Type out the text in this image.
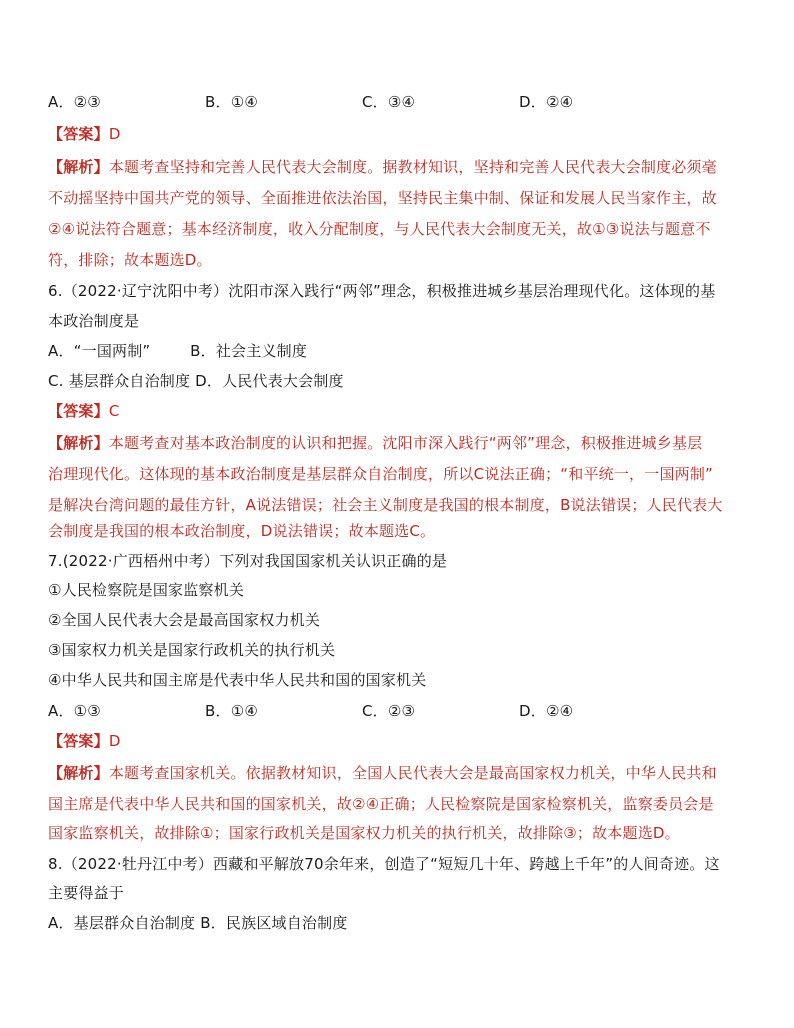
A．②③	B．①④	C．③④	D．②④
【答案】D
【解析】本题考查坚持和完善人民代表大会制度。据教材知识，坚持和完善人民代表大会制度必须毫
不动摇坚持中国共产党的领导、全面推进依法治国，坚持民主集中制、保证和发展人民当家作主，故
②④说法符合题意；基本经济制度，收入分配制度，与人民代表大会制度无关，故①③说法与题意不
符，排除；故本题选D。
6.（2022·辽宁沈阳中考）沈阳市深入践行“两邻”理念，积极推进城乡基层治理现代化。这体现的基
本政治制度是
A．“一国两制”        B．社会主义制度
C. 基层群众自治制度 D．人民代表大会制度
【答案】C
【解析】本题考查对基本政治制度的认识和把握。沈阳市深入践行“两邻”理念，积极推进城乡基层
治理现代化。这体现的基本政治制度是基层群众自治制度，所以C说法正确；“和平统一，一国两制”
是解决台湾问题的最佳方针，A说法错误；社会主义制度是我国的根本制度，B说法错误；人民代表大
会制度是我国的根本政治制度，D说法错误；故本题选C。
7.(2022·广西梧州中考）下列对我国国家机关认识正确的是
①人民检察院是国家监察机关
②全国人民代表大会是最高国家权力机关
③国家权力机关是国家行政机关的执行机关
④中华人民共和国主席是代表中华人民共和国的国家机关
A．①③	B．①④	C．②③	D．②④
【答案】D
【解析】本题考查国家机关。依据教材知识，全国人民代表大会是最高国家权力机关，中华人民共和
国主席是代表中华人民共和国的国家机关，故②④正确；人民检察院是国家检察机关，监察委员会是
国家监察机关，故排除①；国家行政机关是国家权力机关的执行机关，故排除③；故本题选D。
8.（2022·牡丹江中考）西藏和平解放70余年来，创造了“短短几十年、跨越上千年”的人间奇迹。这
主要得益于
A．基层群众自治制度 B．民族区域自治制度
